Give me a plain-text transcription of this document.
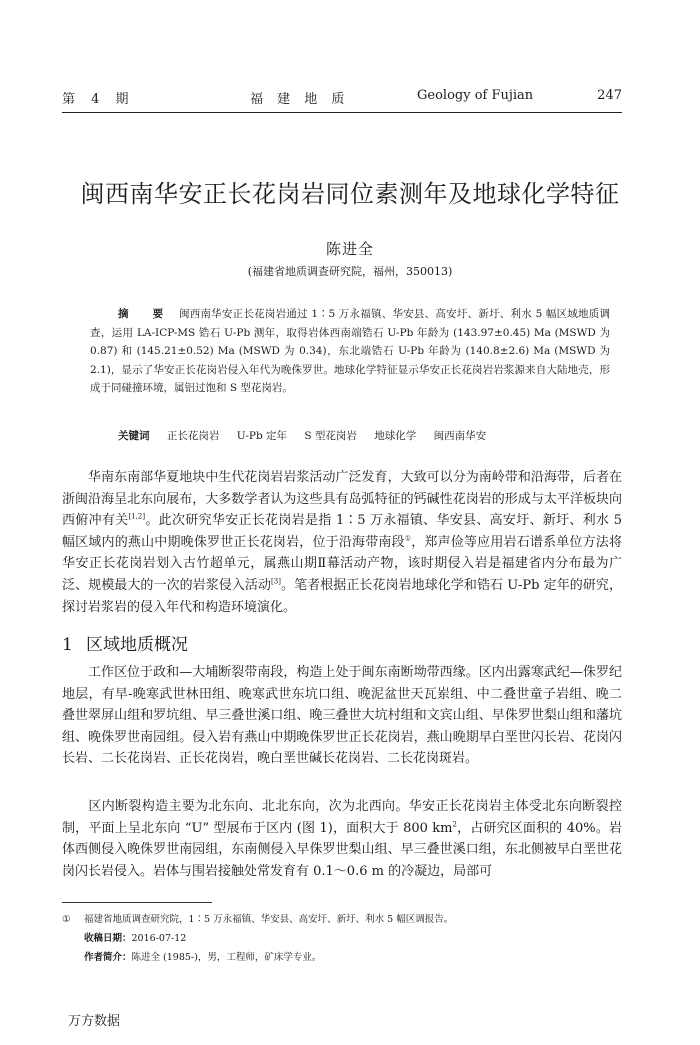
第 4 期	福 建 地 质	Geology of Fujian	247
闽西南华安正长花岗岩同位素测年及地球化学特征
陈进全
(福建省地质调查研究院，福州，350013)
摘 要 闽西南华安正长花岗岩通过 1∶5 万永福镇、华安县、高安圩、新圩、利水 5 幅区域地质调查，运用 LA-ICP-MS 锆石 U-Pb 测年，取得岩体西南端锆石 U-Pb 年龄为 (143.97±0.45) Ma (MSWD 为 0.87) 和 (145.21±0.52) Ma (MSWD 为 0.34)，东北端锆石 U-Pb 年龄为 (140.8±2.6) Ma (MSWD 为 2.1)，显示了华安正长花岗岩侵入年代为晚侏罗世。地球化学特征显示华安正长花岗岩岩浆源来自大陆地壳，形成于同碰撞环境，属铝过饱和 S 型花岗岩。
关键词 正长花岗岩 U-Pb 定年 S 型花岗岩 地球化学 闽西南华安
华南东南部华夏地块中生代花岗岩岩浆活动广泛发育，大致可以分为南岭带和沿海带，后者在浙闽沿海呈北东向展布，大多数学者认为这些具有岛弧特征的钙碱性花岗岩的形成与太平洋板块向西俯冲有关[1,2]。此次研究华安正长花岗岩是指 1∶5 万永福镇、华安县、高安圩、新圩、利水 5 幅区域内的燕山中期晚侏罗世正长花岗岩，位于沿海带南段①，郑声俭等应用岩石谱系单位方法将华安正长花岗岩划入古竹超单元，属燕山期Ⅱ幕活动产物，该时期侵入岩是福建省内分布最为广泛、规模最大的一次的岩浆侵入活动[3]。笔者根据正长花岗岩地球化学和锆石 U-Pb 定年的研究，探讨岩浆岩的侵入年代和构造环境演化。
1 区域地质概况
工作区位于政和—大埔断裂带南段，构造上处于闽东南断坳带西缘。区内出露寒武纪—侏罗纪地层，有早-晚寒武世林田组、晚寒武世东坑口组、晚泥盆世天瓦岽组、中二叠世童子岩组、晚二叠世翠屏山组和罗坑组、早三叠世溪口组、晚三叠世大坑村组和文宾山组、早侏罗世梨山组和藩坑组、晚侏罗世南园组。侵入岩有燕山中期晚侏罗世正长花岗岩，燕山晚期早白垩世闪长岩、花岗闪长岩、二长花岗岩、正长花岗岩，晚白垩世碱长花岗岩、二长花岗斑岩。
区内断裂构造主要为北东向、北北东向，次为北西向。华安正长花岗岩主体受北东向断裂控制，平面上呈北东向 “U” 型展布于区内 (图 1)，面积大于 800 $km^2$，占研究区面积的 40%。岩体西侧侵入晚侏罗世南园组，东南侧侵入早侏罗世梨山组、早三叠世溪口组，东北侧被早白垩世花岗闪长岩侵入。岩体与围岩接触处常发育有 0.1～0.6 m 的冷凝边，局部可
① 福建省地质调查研究院，1∶5 万永福镇、华安县、高安圩、新圩、利水 5 幅区调报告。
收稿日期：2016-07-12
作者简介：陈进全 (1985-)，男，工程师，矿床学专业。
万方数据
